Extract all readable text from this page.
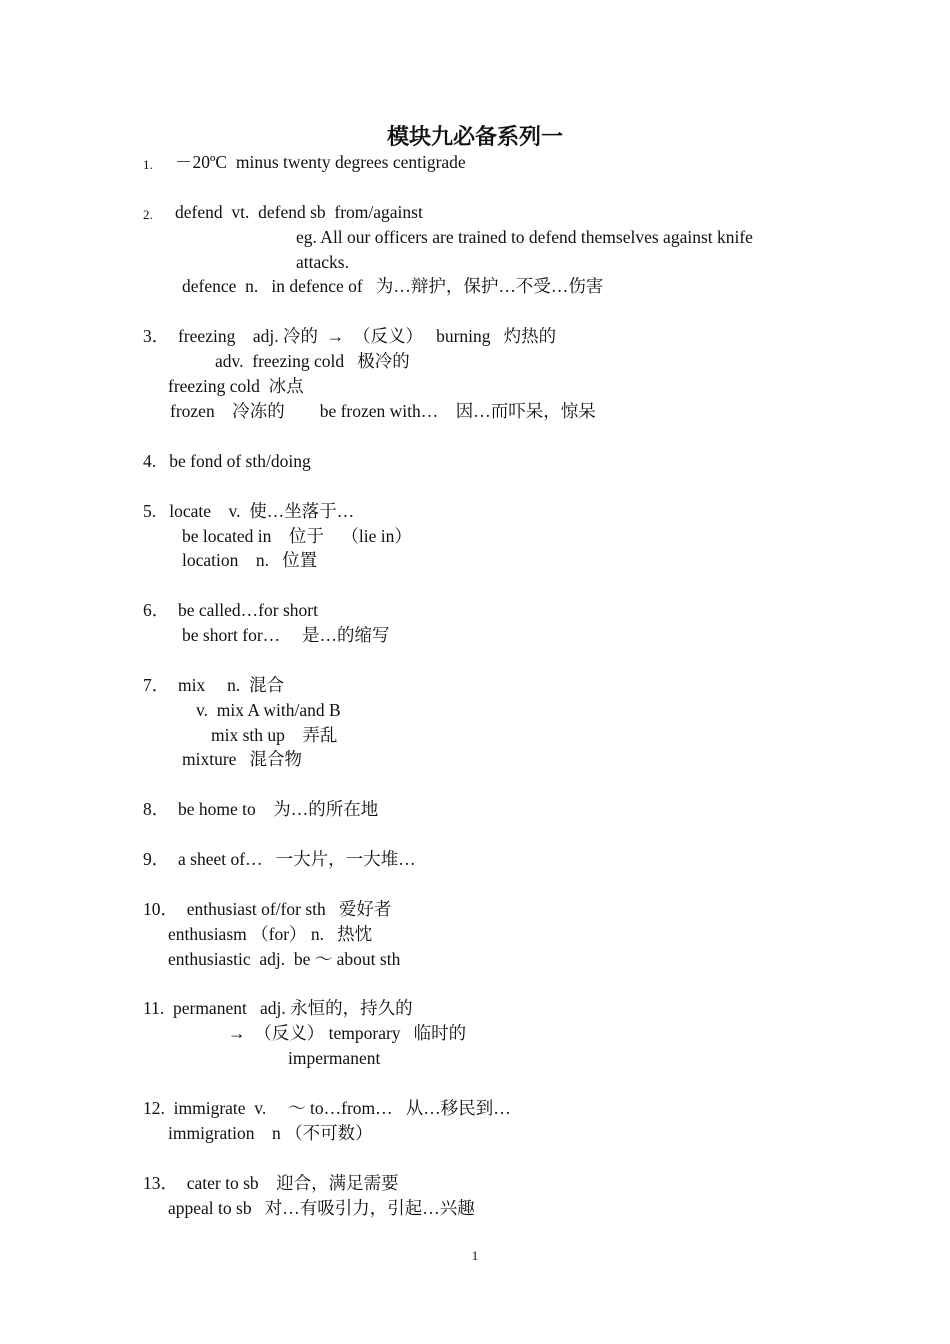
模块九必备系列一
1. －20ºC  minus twenty degrees centigrade
2. defend  vt.  defend sb  from/against
eg. All our officers are trained to defend themselves against knife
attacks.
defence  n.   in defence of   为…辩护，保护…不受…伤害
3．  freezing    adj. 冷的  →  （反义）   burning   灼热的
adv.  freezing cold   极冷的
freezing cold  冰点
frozen    冷冻的        be frozen with…    因…而吓呆，惊呆
4.   be fond of sth/doing
5.   locate    v.  使…坐落于…
be located in    位于    （lie in）
location    n.   位置
6．  be called…for short
be short for…     是…的缩写
7．  mix     n.  混合
v.  mix A with/and B
mix sth up    弄乱
mixture   混合物
8．  be home to    为…的所在地
9．  a sheet of…   一大片，一大堆…
10．  enthusiast of/for sth   爱好者
enthusiasm （for） n.   热忱
enthusiastic  adj.  be ～ about sth
11.  permanent   adj. 永恒的，持久的
→  （反义） temporary   临时的
impermanent
12.  immigrate  v.     ～ to…from…   从…移民到…
immigration    n （不可数）
13．  cater to sb    迎合，满足需要
appeal to sb   对…有吸引力，引起…兴趣
1
